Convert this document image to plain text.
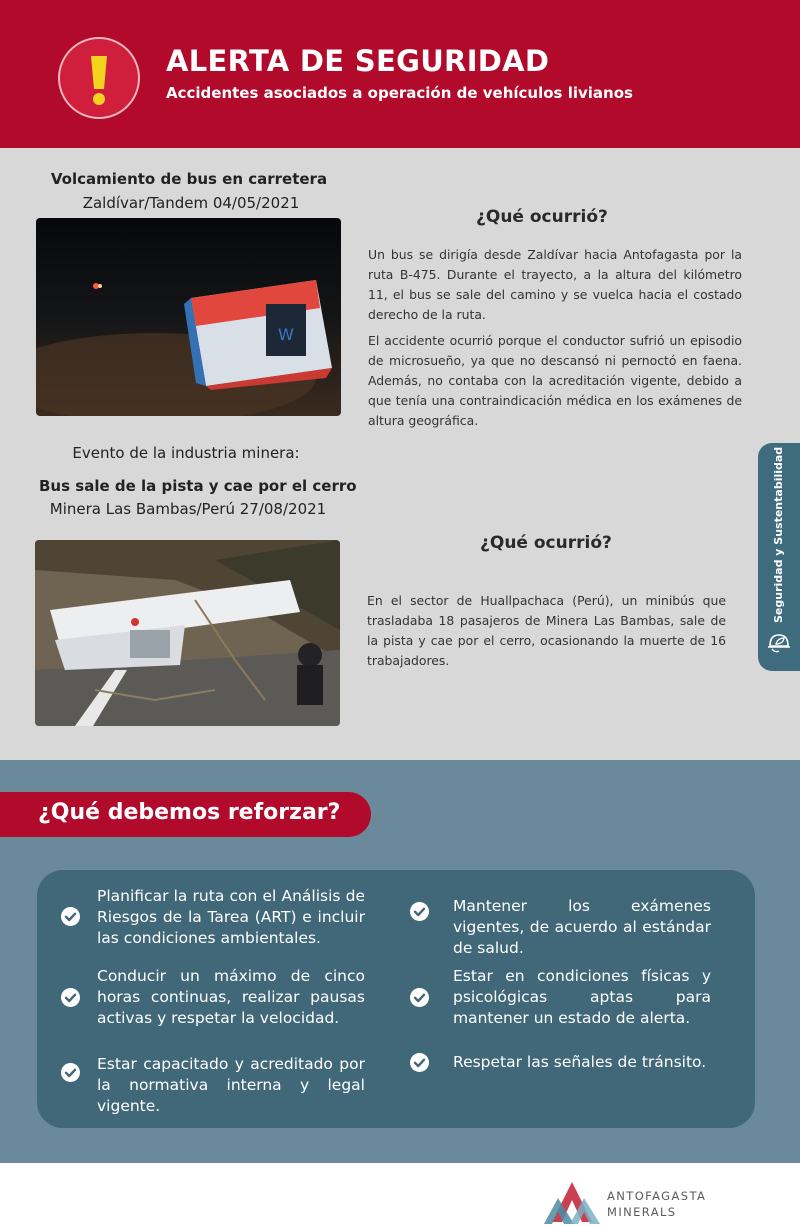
ALERTA DE SEGURIDAD
Accidentes asociados a operación de vehículos livianos
Volcamiento de bus en carretera
Zaldívar/Tandem 04/05/2021
W
¿Qué ocurrió?

Un bus se dirigía desde Zaldívar hacia Antofagasta por la ruta B-475. Durante el trayecto, a la altura del kilómetro 11, el bus se sale del camino y se vuelca hacia el costado derecho de la ruta.

El accidente ocurrió porque el conductor sufrió un episodio de microsueño, ya que no descansó ni pernoctó en faena. Además, no contaba con la acreditación vigente, debido a que tenía una contraindicación médica en los exámenes de altura geográfica.

Evento de la industria minera:
Bus sale de la pista y cae por el cerro
Minera Las Bambas/Perú 27/08/2021
¿Qué ocurrió?
En el sector de Huallpachaca (Perú), un minibús que trasladaba 18 pasajeros de Minera Las Bambas, sale de la pista y cae por el cerro, ocasionando la muerte de 16 trabajadores.
Seguridad y Sustentabilidad
¿Qué debemos reforzar?
Planificar la ruta con el Análisis de Riesgos de la Tarea (ART) e incluir las condiciones ambientales.
Conducir un máximo de cinco horas continuas, realizar pausas activas y respetar la velocidad.
Estar capacitado y acreditado por la normativa interna y legal vigente.
Mantener los exámenes vigentes, de acuerdo al estándar de salud.
Estar en condiciones físicas y psicológicas aptas para mantener un estado de alerta.
Respetar las señales de tránsito.
ANTOFAGASTA
MINERALS
